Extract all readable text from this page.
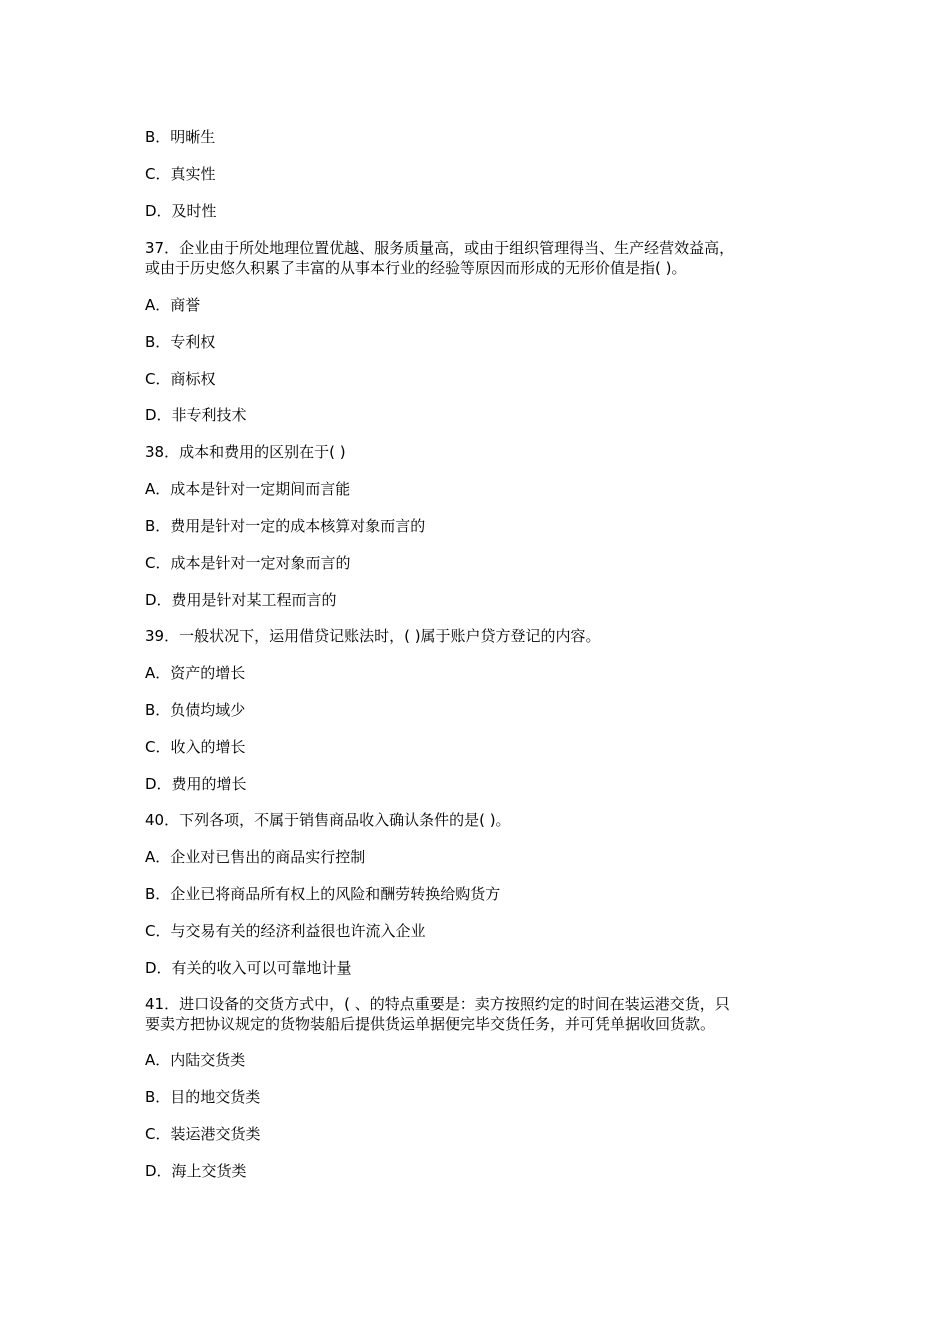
B．明晰生
C．真实性
D．及时性
37．企业由于所处地理位置优越、服务质量高，或由于组织管理得当、生产经营效益高，
或由于历史悠久积累了丰富的从事本行业的经验等原因而形成的无形价值是指( )。
A．商誉
B．专利权
C．商标权
D．非专利技术
38．成本和费用的区别在于( )
A．成本是针对一定期间而言能
B．费用是针对一定的成本核算对象而言的
C．成本是针对一定对象而言的
D．费用是针对某工程而言的
39．一般状况下，运用借贷记账法时，( )属于账户贷方登记的内容。
A．资产的增长
B．负债均域少
C．收入的增长
D．费用的增长
40．下列各项，不属于销售商品收入确认条件的是( )。
A．企业对已售出的商品实行控制
B．企业已将商品所有权上的风险和酬劳转换给购货方
C．与交易有关的经济利益很也许流入企业
D．有关的收入可以可靠地计量
41．进口设备的交货方式中，( 、的特点重要是：卖方按照约定的时间在装运港交货，只
要卖方把协议规定的货物装船后提供货运单据便完毕交货任务，并可凭单据收回货款。
A．内陆交货类
B．目的地交货类
C．装运港交货类
D．海上交货类
